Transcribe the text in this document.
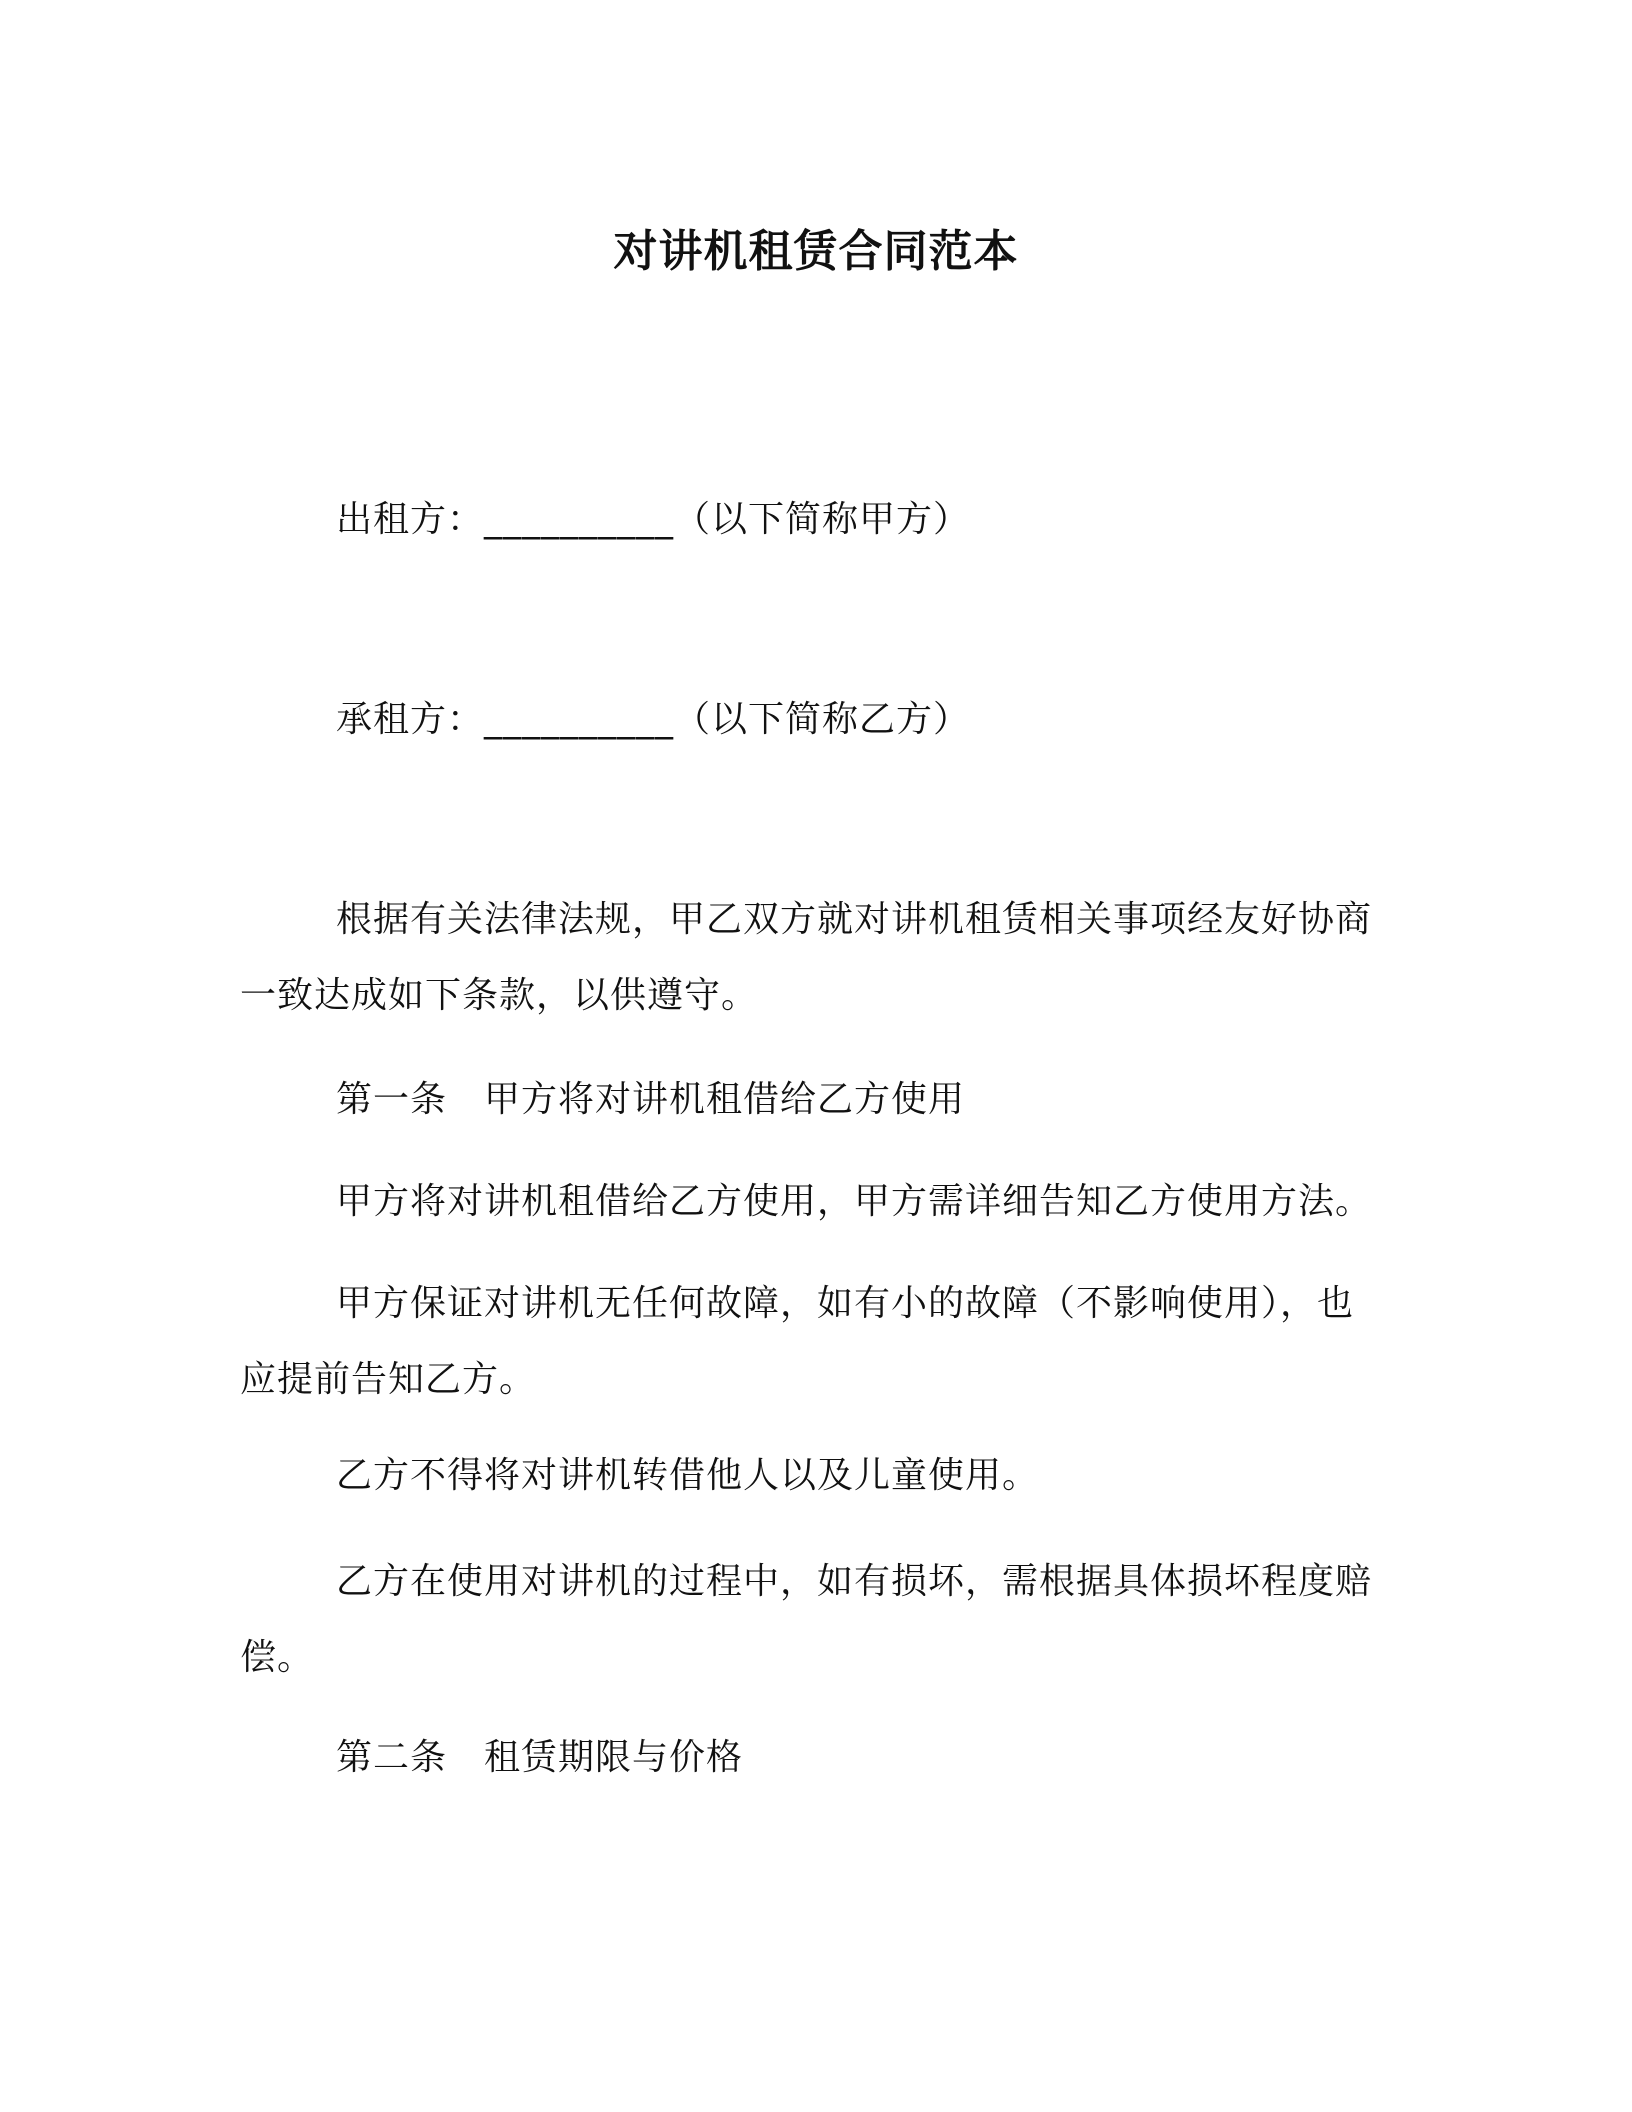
对讲机租赁合同范本
出租方：__________（以下简称甲方）
承租方：__________（以下简称乙方）
根据有关法律法规，甲乙双方就对讲机租赁相关事项经友好协商一致达成如下条款，以供遵守。
第一条　甲方将对讲机租借给乙方使用
甲方将对讲机租借给乙方使用，甲方需详细告知乙方使用方法。
甲方保证对讲机无任何故障，如有小的故障（不影响使用），也应提前告知乙方。
乙方不得将对讲机转借他人以及儿童使用。
乙方在使用对讲机的过程中，如有损坏，需根据具体损坏程度赔偿。
第二条　租赁期限与价格
